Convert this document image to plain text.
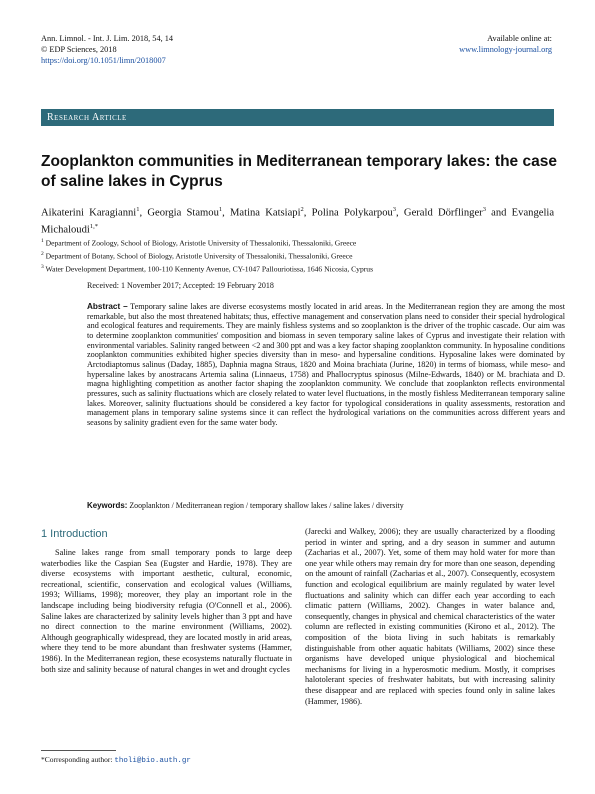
Ann. Limnol. - Int. J. Lim. 2018, 54, 14
© EDP Sciences, 2018
https://doi.org/10.1051/limn/2018007
Available online at:
www.limnology-journal.org
Research Article
Zooplankton communities in Mediterranean temporary lakes: the case of saline lakes in Cyprus
Aikaterini Karagianni$^1$, Georgia Stamou$^1$, Matina Katsiapi$^2$, Polina Polykarpou$^3$, Gerald Dörflinger$^3$ and Evangelia Michaloudi$^{1,*}$
$^1$ Department of Zoology, School of Biology, Aristotle University of Thessaloniki, Thessaloniki, Greece
$^2$ Department of Botany, School of Biology, Aristotle University of Thessaloniki, Thessaloniki, Greece
$^3$ Water Development Department, 100-110 Kennenty Avenue, CY-1047 Pallouriotissa, 1646 Nicosia, Cyprus
Received: 1 November 2017; Accepted: 19 February 2018
Abstract – Temporary saline lakes are diverse ecosystems mostly located in arid areas. In the Mediterranean region they are among the most remarkable, but also the most threatened habitats; thus, effective management and conservation plans need to consider their special hydrological and ecological features and requirements. They are mainly fishless systems and so zooplankton is the driver of the trophic cascade. Our aim was to determine zooplankton communities' composition and biomass in seven temporary saline lakes of Cyprus and investigate their relation with environmental variables. Salinity ranged between <2 and 300 ppt and was a key factor shaping zooplankton community. In hyposaline conditions zooplankton communities exhibited higher species diversity than in meso- and hypersaline conditions. Hyposaline lakes were dominated by Arctodiaptomus salinus (Daday, 1885), Daphnia magna Straus, 1820 and Moina brachiata (Jurine, 1820) in terms of biomass, while meso- and hypersaline lakes by anostracans Artemia salina (Linnaeus, 1758) and Phallocryptus spinosus (Milne-Edwards, 1840) or M. brachiata and D. magna highlighting competition as another factor shaping the zooplankton community. We conclude that zooplankton reflects environmental pressures, such as salinity fluctuations which are closely related to water level fluctuations, in the mostly fishless Mediterranean temporary saline lakes. Moreover, salinity fluctuations should be considered a key factor for typological considerations in quality assessments, restoration and management plans in temporary saline systems since it can reflect the hydrological variations on the communities across different years and seasons by salinity gradient even for the same water body.
Keywords: Zooplankton / Mediterranean region / temporary shallow lakes / saline lakes / diversity
1 Introduction

Saline lakes range from small temporary ponds to large deep waterbodies like the Caspian Sea (Eugster and Hardie, 1978). They are diverse ecosystems with important aesthetic, cultural, economic, recreational, scientific, conservation and ecological values (Williams, 1993; Williams, 1998); moreover, they play an important role in the landscape including being biodiversity refugia (O'Connell et al., 2006). Saline lakes are characterized by salinity levels higher than 3 ppt and have no direct connection to the marine environment (Williams, 2002). Although geographically widespread, they are located mostly in arid areas, where they tend to be more abundant than freshwater systems (Hammer, 1986). In the Mediterranean region, these ecosystems naturally fluctuate in both size and salinity because of natural changes in wet and drought cycles

(Jarecki and Walkey, 2006); they are usually characterized by a flooding period in winter and spring, and a dry season in summer and autumn (Zacharias et al., 2007). Yet, some of them may hold water for more than one year while others may remain dry for more than one season, depending on the amount of rainfall (Zacharias et al., 2007). Consequently, ecosystem function and ecological equilibrium are mainly regulated by water level fluctuations and salinity which can differ each year according to each climatic pattern (Williams, 2002). Changes in water balance and, consequently, changes in physical and chemical characteristics of the water column are reflected in existing communities (Kirono et al., 2012). The composition of the biota living in such habitats is remarkably distinguishable from other aquatic habitats (Williams, 2002) since these organisms have developed unique physiological and biochemical mechanisms for living in a hyperosmotic medium. Mostly, it comprises halotolerant species of freshwater habitats, but with increasing salinity these disappear and are replaced with species found only in saline lakes (Hammer, 1986).

*Corresponding author: tholi@bio.auth.gr
